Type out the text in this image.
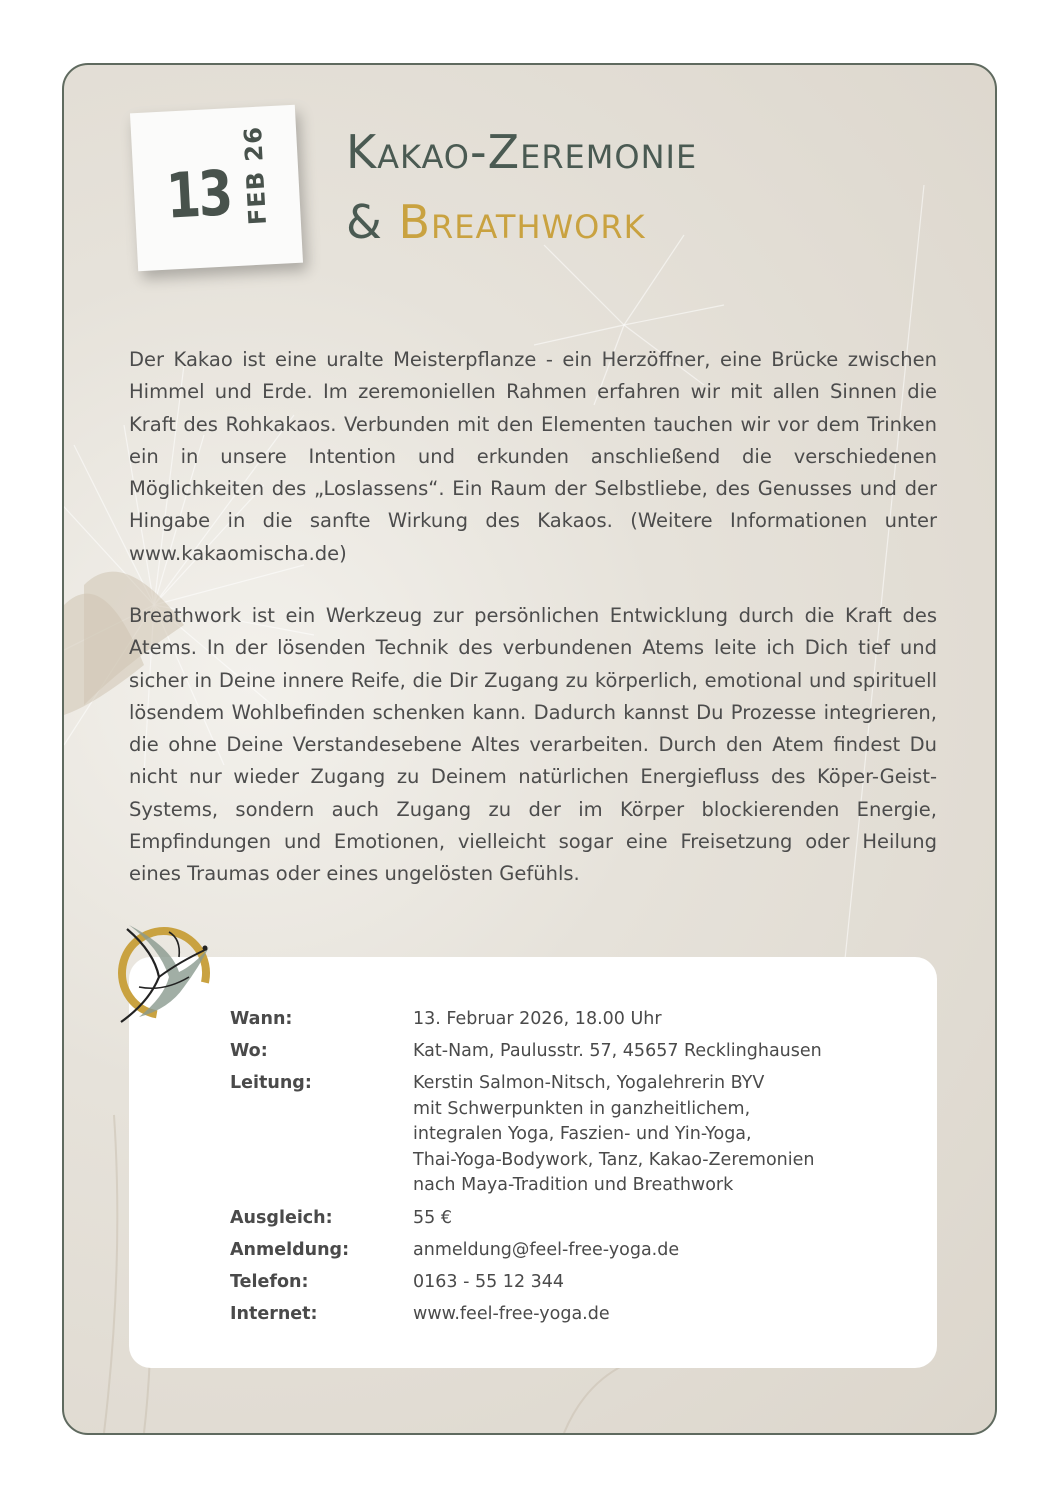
13 FEB 26 Kakao-Zeremonie
& Breathwork
Der Kakao ist eine uralte Meisterpflanze - ein Herzöffner, eine Brücke zwischen Himmel und Erde. Im zeremoniellen Rahmen erfahren wir mit allen Sinnen die Kraft des Rohkakaos. Verbunden mit den Elementen tauchen wir vor dem Trinken ein in unsere Intention und erkunden anschließend die verschiedenen Möglichkeiten des „Loslassens“. Ein Raum der Selbstliebe, des Genusses und der Hingabe in die sanfte Wirkung des Kakaos. (Weitere Informationen unter www.kakaomischa.de)
Breathwork ist ein Werkzeug zur persönlichen Entwicklung durch die Kraft des Atems. In der lösenden Technik des verbundenen Atems leite ich Dich tief und sicher in Deine innere Reife, die Dir Zugang zu körperlich, emotional und spirituell lösendem Wohlbefinden schenken kann. Dadurch kannst Du Prozesse integrieren, die ohne Deine Verstandesebene Altes verarbeiten. Durch den Atem findest Du nicht nur wieder Zugang zu Deinem natürlichen Energiefluss des Köper-Geist-Systems, sondern auch Zugang zu der im Körper blockierenden Energie, Empfindungen und Emotionen, vielleicht sogar eine Freisetzung oder Heilung eines Traumas oder eines ungelösten Gefühls.
Wann:	13. Februar 2026, 18.00 Uhr
Wo:	Kat-Nam, Paulusstr. 57, 45657 Recklinghausen
Leitung:	Kerstin Salmon-Nitsch, Yogalehrerin BYV
mit Schwerpunkten in ganzheitlichem,
integralen Yoga, Faszien- und Yin-Yoga,
Thai-Yoga-Bodywork, Tanz, Kakao-Zeremonien
nach Maya-Tradition und Breathwork
Ausgleich:	55 €
Anmeldung:	anmeldung@feel-free-yoga.de
Telefon:	0163 - 55 12 344
Internet:	www.feel-free-yoga.de
